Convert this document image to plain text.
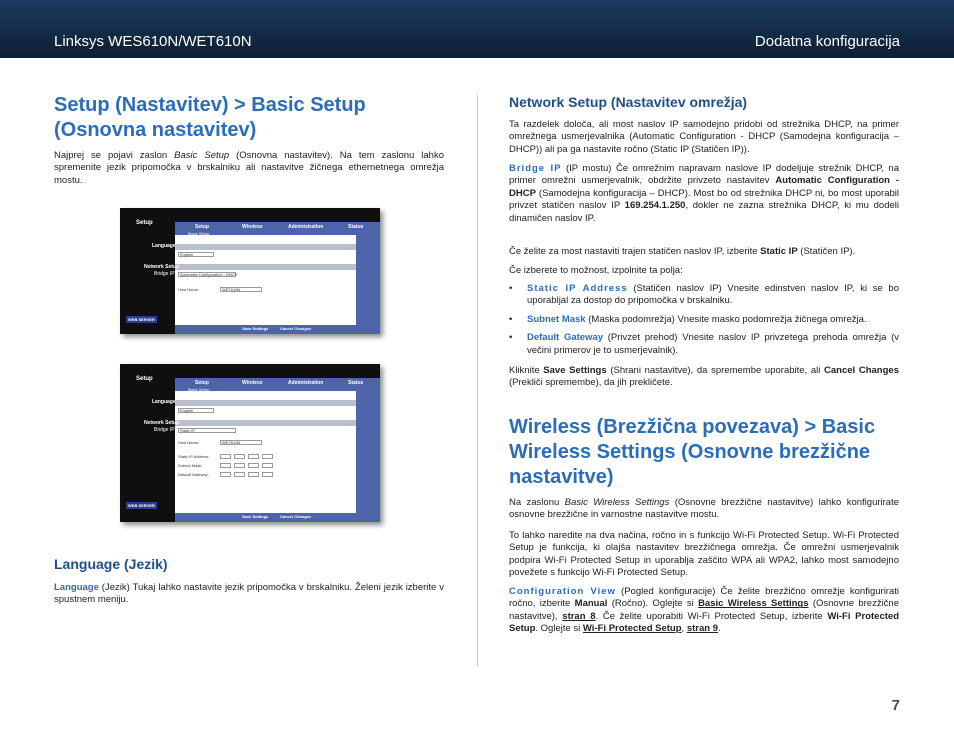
Linksys WES610N/WET610N	Dodatna konfiguracija
Setup (Nastavitev) > Basic Setup
(Osnovna nastavitev)

Najprej se pojavi zaslon Basic Setup (Osnovna nastavitev). Na tem zaslonu lahko spremenite jezik pripomočka v brskalniku ali nastavitve žičnega ethernetnega omrežja mostu.

Setup
Setup
Basic Setup
Wireless	Administration	Status
Language
English
Network Setup
Bridge IP Automatic Configuration - DHCP
Host Name:	WET610N
WEB SERVER
Save Settings	Cancel Changes
Setup
Setup
Basic Setup
Wireless	Administration	Status
Language
English
Network Setup
Bridge IP Static IP
Host Name:	WET610N
Static IP Address:
Subnet Mask:
Default Gateway:
WEB SERVER
Save Settings	Cancel Changes
Language (Jezik)

Language (Jezik) Tukaj lahko nastavite jezik pripomočka v brskalniku. Želeni jezik izberite v spustnem meniju.

Network Setup (Nastavitev omrežja)

Ta razdelek določa, ali most naslov IP samodejno pridobi od strežnika DHCP, na primer omrežnega usmerjevalnika (Automatic Configuration - DHCP (Samodejna konfiguracija – DHCP)) ali pa ga nastavite ročno (Static IP (Statičen IP)).

Bridge IP (IP mostu) Če omrežnim napravam naslove IP dodeljuje strežnik DHCP, na primer omrežni usmerjevalnik, obdržite privzeto nastavitev Automatic Configuration - DHCP (Samodejna konfiguracija – DHCP). Most bo od strežnika DHCP ni, bo most uporabil privzet statičen naslov IP 169.254.1.250, dokler ne zazna strežnika DHCP, ki mu dodeli dinamičen naslov IP.

Če želite za most nastaviti trajen statičen naslov IP, izberite Static IP (Statičen IP).

Če izberete to možnost, izpolnite ta polja:

• Static IP Address (Statičen naslov IP) Vnesite edinstven naslov IP, ki se bo uporabljal za dostop do pripomočka v brskalniku.

• Subnet Mask (Maska podomrežja) Vnesite masko podomrežja žičnega omrežja.

• Default Gateway (Privzet prehod) Vnesite naslov IP privzetega prehoda omrežja (v večini primerov je to usmerjevalnik).

Kliknite Save Settings (Shrani nastavitve), da spremembe uporabite, ali Cancel Changes (Prekliči spremembe), da jih prekličete.

Wireless (Brezžična povezava) > Basic
Wireless Settings (Osnovne brezžične
nastavitve)

Na zaslonu Basic Wireless Settings (Osnovne brezžične nastavitve) lahko konfigurirate osnovne brezžične in varnostne nastavitve mostu.

To lahko naredite na dva načina, ročno in s funkcijo Wi-Fi Protected Setup. Wi-Fi Protected Setup je funkcija, ki olajša nastavitev brezžičnega omrežja. Če omrežni usmerjevalnik podpira Wi-Fi Protected Setup in uporablja zaščito WPA ali WPA2, lahko most samodejno povežete s funkcijo Wi-Fi Protected Setup.

Configuration View (Pogled konfiguracije) Če želite brezžično omrežje konfigurirati ročno, izberite Manual (Ročno). Oglejte si Basic Wireless Settings (Osnovne brezžične nastavitve), stran 8. Če želite uporabiti Wi-Fi Protected Setup, izberite Wi-Fi Protected Setup. Oglejte si Wi-Fi Protected Setup, stran 9.

7
